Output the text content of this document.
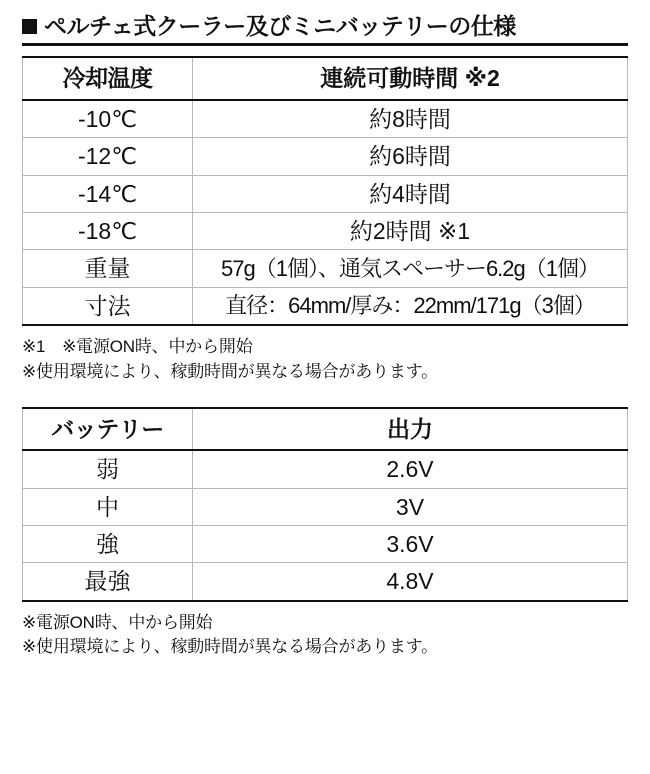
ペルチェ式クーラー及びミニバッテリーの仕様
冷却温度	連続可動時間 ※2
-10℃	約8時間
-12℃	約6時間
-14℃	約4時間
-18℃	約2時間 ※1
重量	57g（1個）、通気スペーサー6.2g（1個）
寸法	直径：64mm/厚み：22mm/171g（3個）
※1　※電源ON時、中から開始
※使用環境により、稼動時間が異なる場合があります。
バッテリー	出力
弱	2.6V
中	3V
強	3.6V
最強	4.8V
※電源ON時、中から開始
※使用環境により、稼動時間が異なる場合があります。
